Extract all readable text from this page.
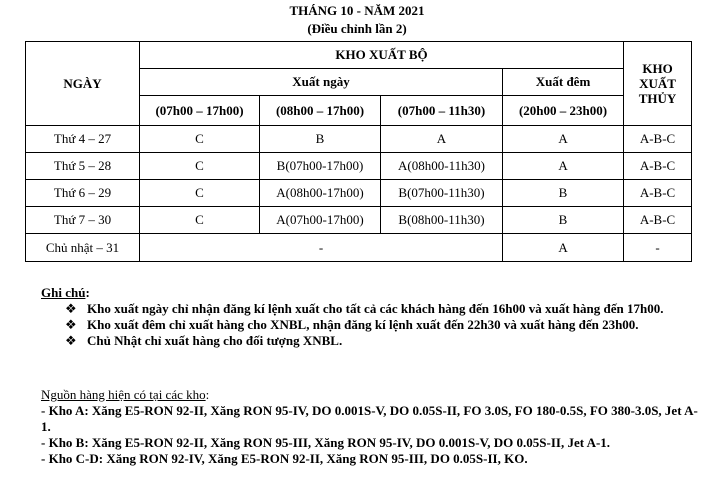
THÁNG 10 - NĂM 2021
(Điều chỉnh lần 2)
NGÀY	KHO XUẤT BỘ				KHO XUẤT THỦY
	Xuất ngày			Xuất đêm	
	(07h00 – 17h00)	(08h00 – 17h00)	(07h00 – 11h30)	(20h00 – 23h00)	
Thứ 4 – 27	C	B	A	A	A-B-C
Thứ 5 – 28	C	B(07h00-17h00)	A(08h00-11h30)	A	A-B-C
Thứ 6 – 29	C	A(08h00-17h00)	B(07h00-11h30)	B	A-B-C
Thứ 7 – 30	C	A(07h00-17h00)	B(08h00-11h30)	B	A-B-C
Chủ nhật – 31	-			A	-
Ghi chú:
❖ Kho xuất ngày chỉ nhận đăng kí lệnh xuất cho tất cả các khách hàng đến 16h00 và xuất hàng đến 17h00.
❖ Kho xuất đêm chỉ xuất hàng cho XNBL, nhận đăng kí lệnh xuất đến 22h30 và xuất hàng đến 23h00.
❖ Chủ Nhật chỉ xuất hàng cho đối tượng XNBL.
Nguồn hàng hiện có tại các kho:
- Kho A: Xăng E5-RON 92-II, Xăng RON 95-IV, DO 0.001S-V, DO 0.05S-II, FO 3.0S, FO 180-0.5S, FO 380-3.0S, Jet A-1.
- Kho B: Xăng E5-RON 92-II, Xăng RON 95-III, Xăng RON 95-IV, DO 0.001S-V, DO 0.05S-II, Jet A-1.
- Kho C-D: Xăng RON 92-IV, Xăng E5-RON 92-II, Xăng RON 95-III, DO 0.05S-II, KO.
